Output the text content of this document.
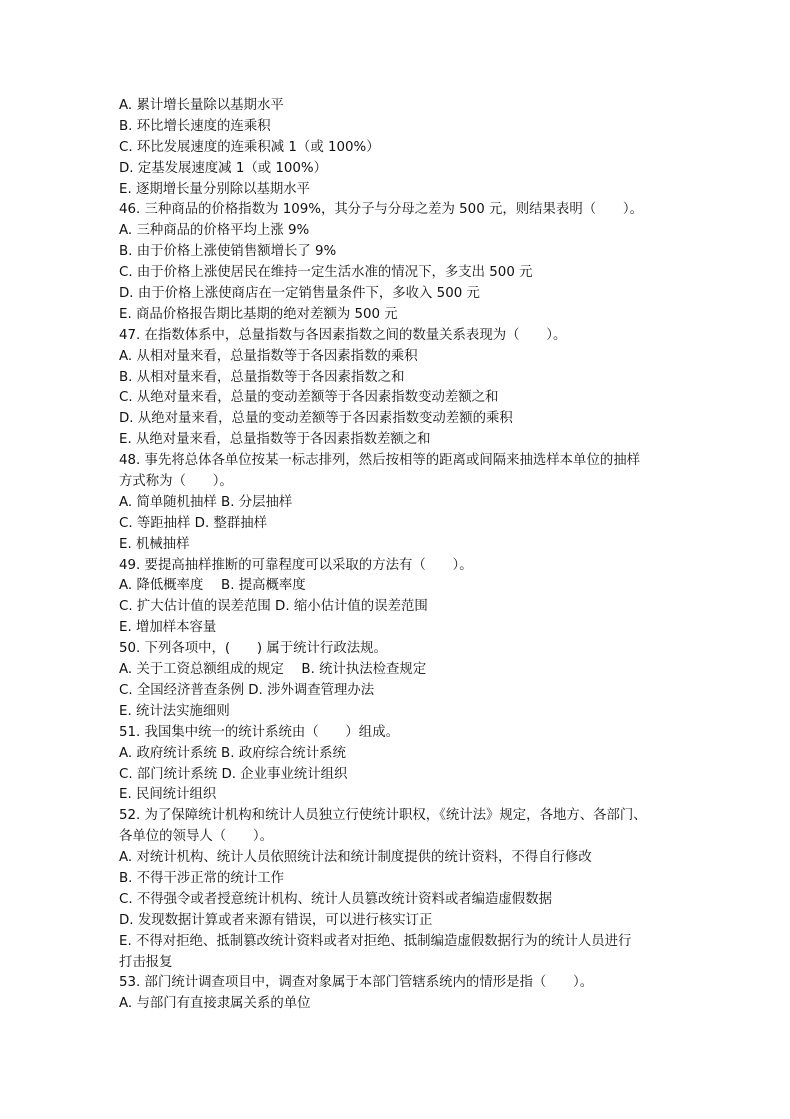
A. 累计增长量除以基期水平
B. 环比增长速度的连乘积
C. 环比发展速度的连乘积减 1（或 100%）
D. 定基发展速度减 1（或 100%）
E. 逐期增长量分别除以基期水平
46. 三种商品的价格指数为 109%，其分子与分母之差为 500 元，则结果表明（　　）。
A. 三种商品的价格平均上涨 9%
B. 由于价格上涨使销售额增长了 9%
C. 由于价格上涨使居民在维持一定生活水准的情况下，多支出 500 元
D. 由于价格上涨使商店在一定销售量条件下，多收入 500 元
E. 商品价格报告期比基期的绝对差额为 500 元
47. 在指数体系中，总量指数与各因素指数之间的数量关系表现为（　　）。
A. 从相对量来看，总量指数等于各因素指数的乘积
B. 从相对量来看，总量指数等于各因素指数之和
C. 从绝对量来看，总量的变动差额等于各因素指数变动差额之和
D. 从绝对量来看，总量的变动差额等于各因素指数变动差额的乘积
E. 从绝对量来看，总量指数等于各因素指数差额之和
48. 事先将总体各单位按某一标志排列，然后按相等的距离或间隔来抽选样本单位的抽样
方式称为（　　）。
A. 简单随机抽样 B. 分层抽样
C. 等距抽样 D. 整群抽样
E. 机械抽样
49. 要提高抽样推断的可靠程度可以采取的方法有（　　）。
A. 降低概率度　 B. 提高概率度
C. 扩大估计值的误差范围 D. 缩小估计值的误差范围
E. 增加样本容量
50. 下列各项中，(　　) 属于统计行政法规。
A. 关于工资总额组成的规定　 B. 统计执法检查规定
C. 全国经济普查条例 D. 涉外调查管理办法
E. 统计法实施细则
51. 我国集中统一的统计系统由（　　）组成。
A. 政府统计系统 B. 政府综合统计系统
C. 部门统计系统 D. 企业事业统计组织
E. 民间统计组织
52. 为了保障统计机构和统计人员独立行使统计职权，《统计法》规定，各地方、各部门、
各单位的领导人（　　）。
A. 对统计机构、统计人员依照统计法和统计制度提供的统计资料，不得自行修改
B. 不得干涉正常的统计工作
C. 不得强令或者授意统计机构、统计人员篡改统计资料或者编造虚假数据
D. 发现数据计算或者来源有错误，可以进行核实订正
E. 不得对拒绝、抵制篡改统计资料或者对拒绝、抵制编造虚假数据行为的统计人员进行
打击报复
53. 部门统计调查项目中，调查对象属于本部门管辖系统内的情形是指（　　）。
A. 与部门有直接隶属关系的单位
